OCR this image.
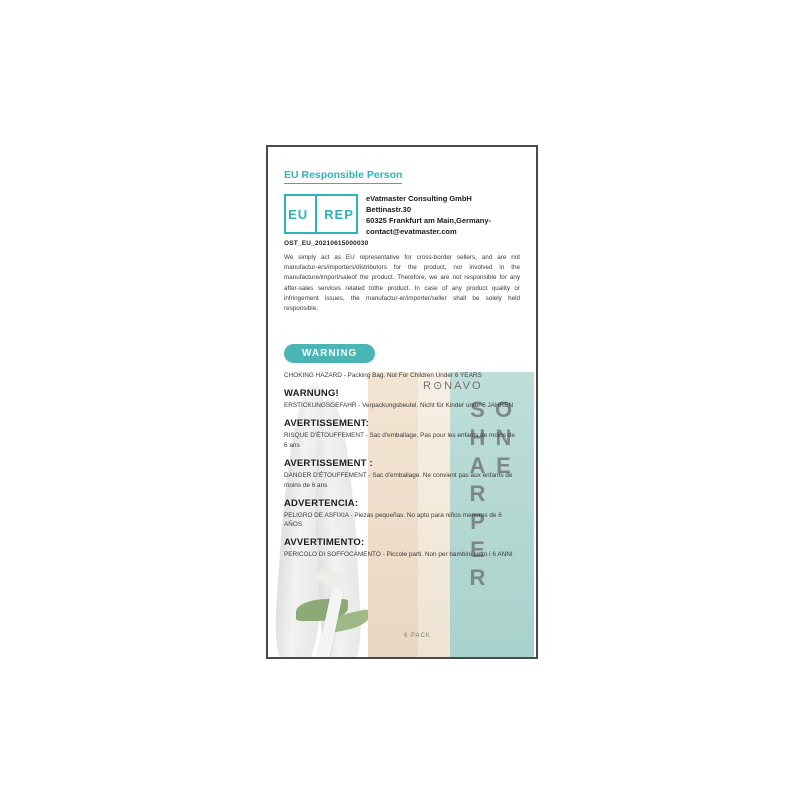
R⊙NAVO
ONE SHARPER
6 PACK
EU Responsible Person
EU REP
eVatmaster Consulting GmbH
Bettinastr.30
60325 Frankfurt am Main,Germany-
contact@evatmaster.com
OST_EU_20210615000030
We simply act as EU representative for cross-border sellers, and are not manufactur-ers/importers/distributors for the product, nor involved in the manufacture/import/saleof the product. Therefore, we are not responsible for any after-sales services related tothe product. In case of any product quality or infringement issues, the manufactur-er/importer/seller shall be solely held responsible.
WARNING
CHOKING HAZARD - Packing Bag. Not For Children Under 6 YEARS
WARNUNG!
ERSTICKUNGSGEFAHR - Verpackungsbeutel. Nicht für Kinder unter 6 JAHREN
AVERTISSEMENT:
RISQUE D'ÉTOUFFEMENT - Sac d'emballage. Pas pour les enfants de moins de 6 ans
AVERTISSEMENT :
DANGER D'ÉTOUFFEMENT - Sac d'emballage. Ne convient pas aux enfants de moins de 6 ans
ADVERTENCIA:
PELIGRO DE ASFIXIA - Piezas pequeñas. No apto para niños menores de 6 AÑOS
AVVERTIMENTO:
PERICOLO DI SOFFOCAMENTO - Piccole parti. Non per bambini sotto i 6 ANNI
